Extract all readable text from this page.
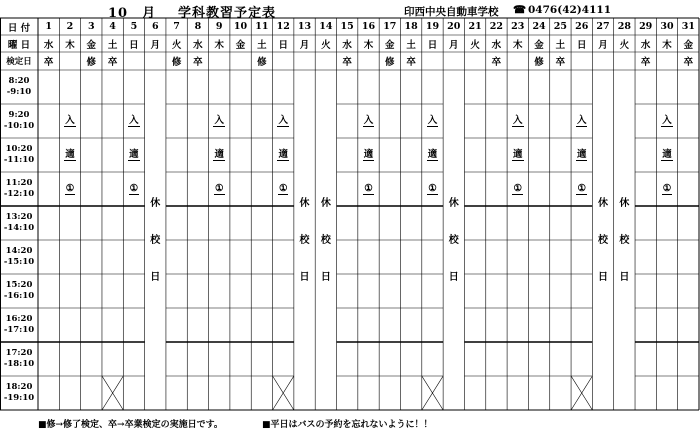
10　月 学科教習予定表	印西中央自動車学校 ☎ 0476(42)4111
日 付
曜 日
検定日
8:20
-9:10
9:20
-10:10
10:20
-11:10
11:20
-12:10
13:20
-14:10
14:20
-15:10
15:20
-16:10
16:20
-17:10
17:20
-18:10
18:20
-19:10
1
水
卒
2
木
3
金
修
4
土
卒
5
日
6
月
7
火
修
8
水
卒
9
木
10
金
11
土
修
12
日
13
月
14
火
15
水
卒
16
木
17
金
修
18
土
卒
19
日
20
月
21
火
22
水
卒
23
木
24
金
修
25
土
卒
26
日
27
月
28
火
29
水
卒
30
木
31
金
卒
休
校
日
休
校
日
休
校
日
休
校
日
休
校
日
休
校
日
入
適
①
入
適
①
入
適
①
入
適
①
入
適
①
入
適
①
入
適
①
入
適
①
入
適
①
■修→修了検定、卒→卒業検定の実施日です。	■平日はバスの予約を忘れないように！！
